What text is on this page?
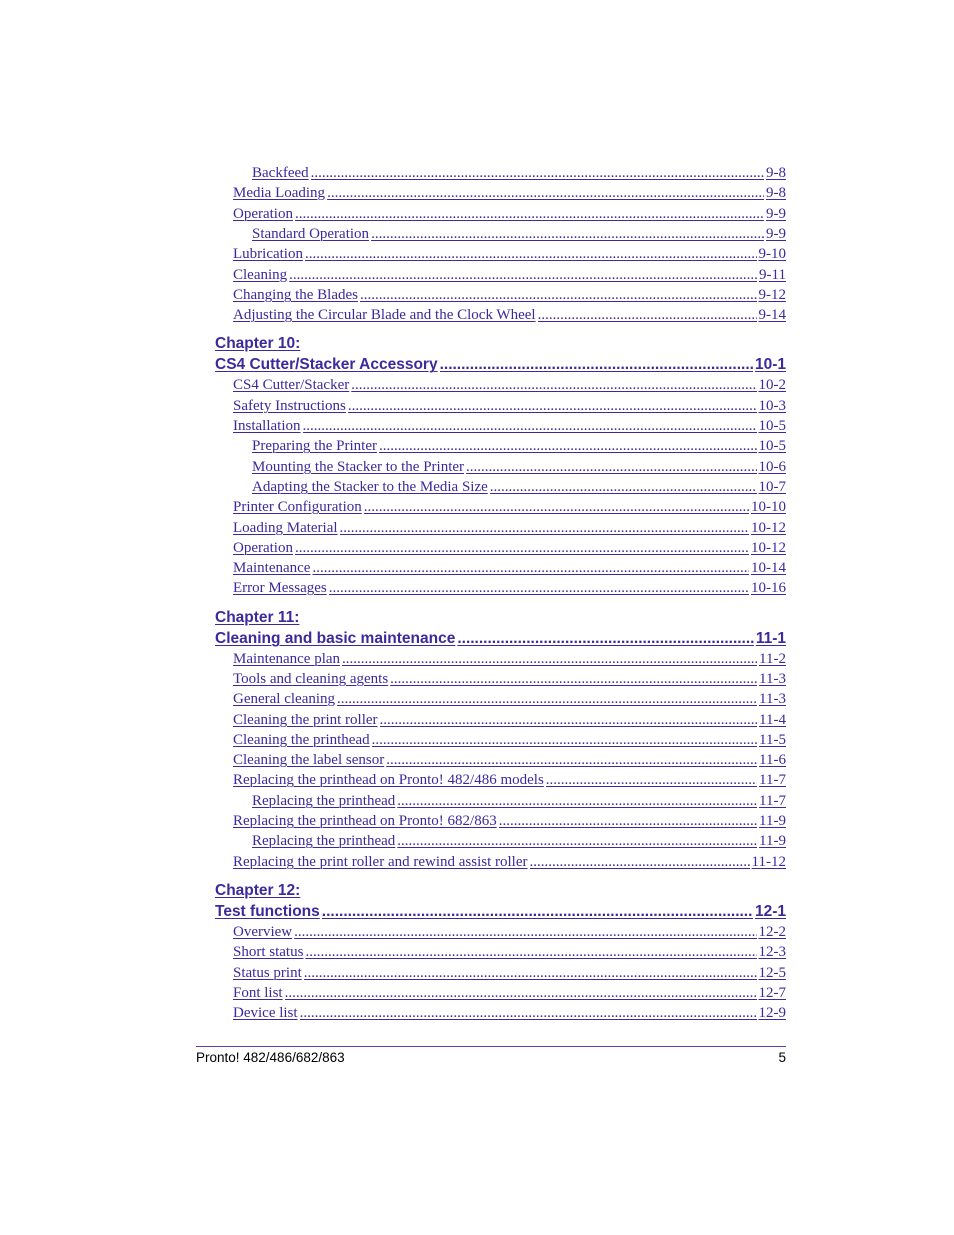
Backfeed .....	9-8
Media Loading .....	9-8
Operation .....	9-9
Standard Operation .....	9-9
Lubrication .....	9-10
Cleaning .....	9-11
Changing the Blades .....	9-12
Adjusting the Circular Blade and the Clock Wheel .....	9-14
Chapter 10:
CS4 Cutter/Stacker Accessory .....	10-1
CS4 Cutter/Stacker .....	10-2
Safety Instructions .....	10-3
Installation .....	10-5
Preparing the Printer .....	10-5
Mounting the Stacker to the Printer .....	10-6
Adapting the Stacker to the Media Size .....	10-7
Printer Configuration .....	10-10
Loading Material .....	10-12
Operation .....	10-12
Maintenance .....	10-14
Error Messages .....	10-16
Chapter 11:
Cleaning and basic maintenance .....	11-1
Maintenance plan .....	11-2
Tools and cleaning agents .....	11-3
General cleaning .....	11-3
Cleaning the print roller .....	11-4
Cleaning the printhead .....	11-5
Cleaning the label sensor .....	11-6
Replacing the printhead on Pronto! 482/486 models .....	11-7
Replacing the printhead .....	11-7
Replacing the printhead on Pronto! 682/863 .....	11-9
Replacing the printhead .....	11-9
Replacing the print roller and rewind assist roller .....	11-12
Chapter 12:
Test functions .....	12-1
Overview .....	12-2
Short status .....	12-3
Status print .....	12-5
Font list .....	12-7
Device list .....	12-9
Pronto! 482/486/682/863	5
